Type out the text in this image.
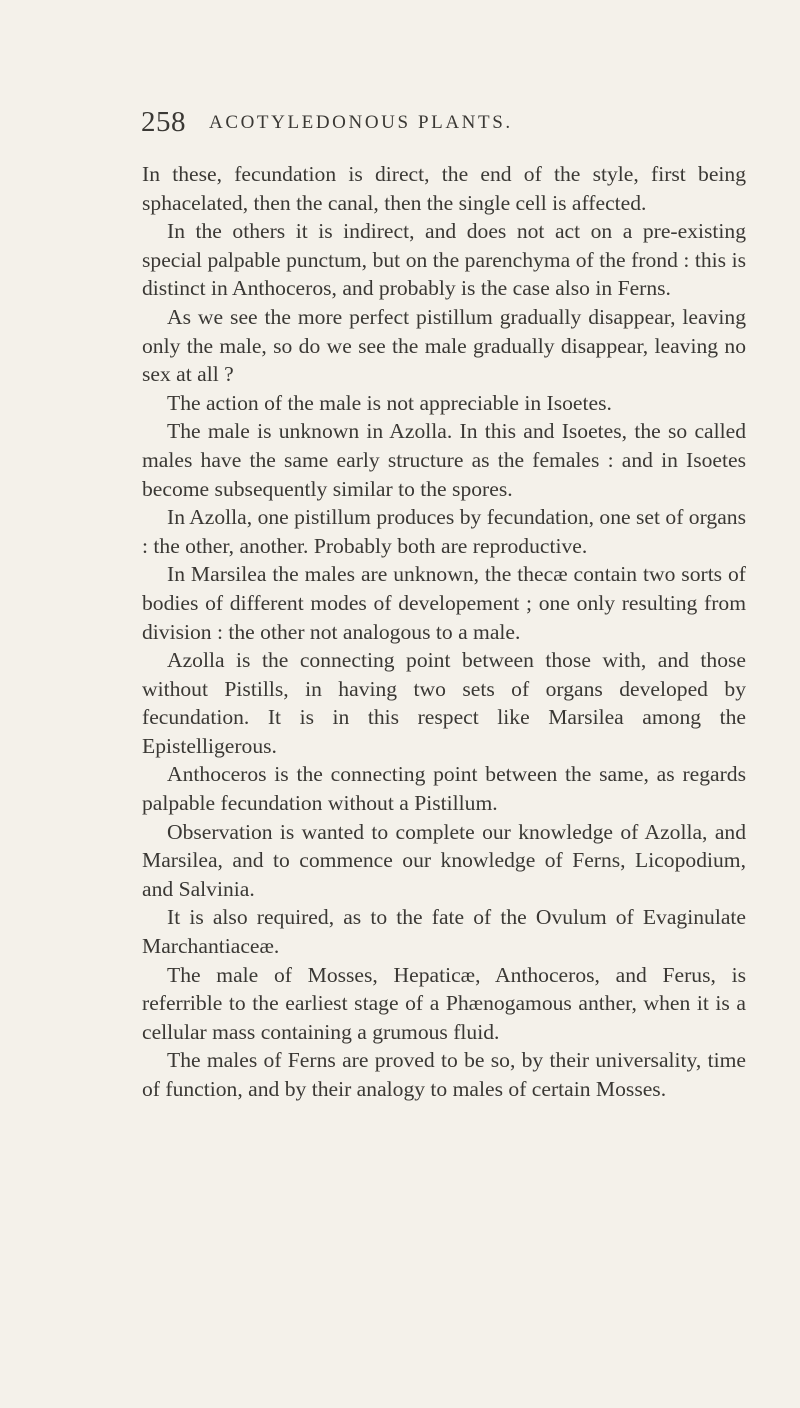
258 ACOTYLEDONOUS PLANTS.

In these, fecundation is direct, the end of the style, first being sphacelated, then the canal, then the single cell is affected.

In the others it is indirect, and does not act on a pre-existing special palpable punctum, but on the parenchyma of the frond : this is distinct in Anthoceros, and probably is the case also in Ferns.

As we see the more perfect pistillum gradually disappear, leaving only the male, so do we see the male gradually disappear, leaving no sex at all ?

The action of the male is not appreciable in Isoetes.

The male is unknown in Azolla. In this and Isoetes, the so called males have the same early structure as the females : and in Isoetes become subsequently similar to the spores.

In Azolla, one pistillum produces by fecundation, one set of organs : the other, another. Probably both are reproductive.

In Marsilea the males are unknown, the thecæ contain two sorts of bodies of different modes of developement ; one only resulting from division : the other not analogous to a male.

Azolla is the connecting point between those with, and those without Pistills, in having two sets of organs developed by fecundation. It is in this respect like Marsilea among the Epistelligerous.

Anthoceros is the connecting point between the same, as regards palpable fecundation without a Pistillum.

Observation is wanted to complete our knowledge of Azolla, and Marsilea, and to commence our knowledge of Ferns, Licopodium, and Salvinia.

It is also required, as to the fate of the Ovulum of Evaginulate Marchantiaceæ.

The male of Mosses, Hepaticæ, Anthoceros, and Ferus, is referrible to the earliest stage of a Phænogamous anther, when it is a cellular mass containing a grumous fluid.

The males of Ferns are proved to be so, by their universality, time of function, and by their analogy to males of certain Mosses.
